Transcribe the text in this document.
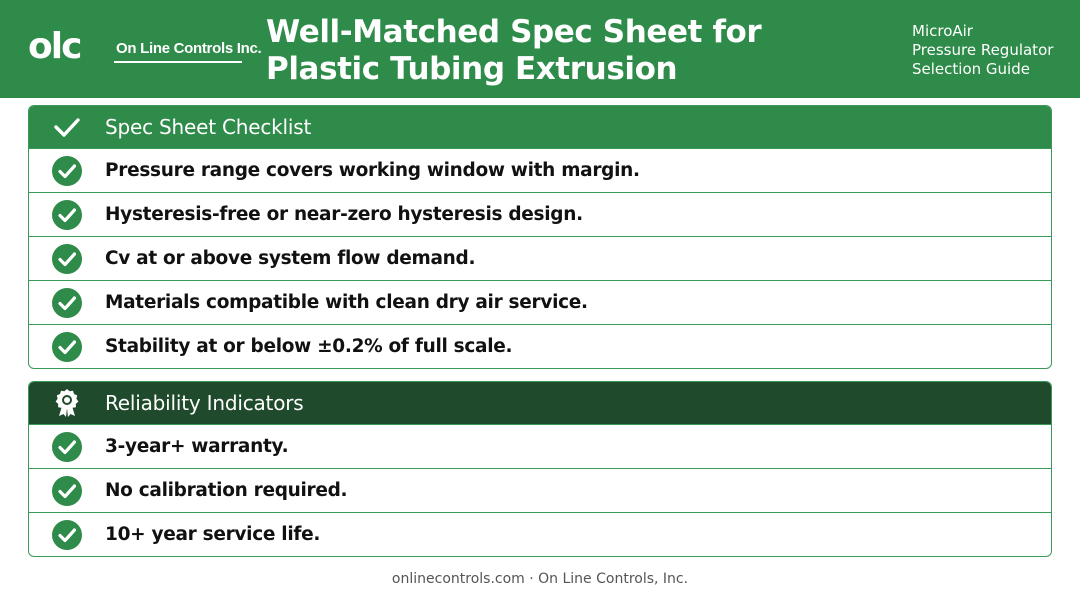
olc On Line Controls Inc. Well-Matched Spec Sheet for
Plastic Tubing Extrusion
MicroAir
Pressure Regulator
Selection Guide
Spec Sheet Checklist
Pressure range covers working window with margin.
Hysteresis-free or near-zero hysteresis design.
Cv at or above system flow demand.
Materials compatible with clean dry air service.
Stability at or below ±0.2% of full scale.
Reliability Indicators
3-year+ warranty.
No calibration required.
10+ year service life.
onlinecontrols.com · On Line Controls, Inc.
